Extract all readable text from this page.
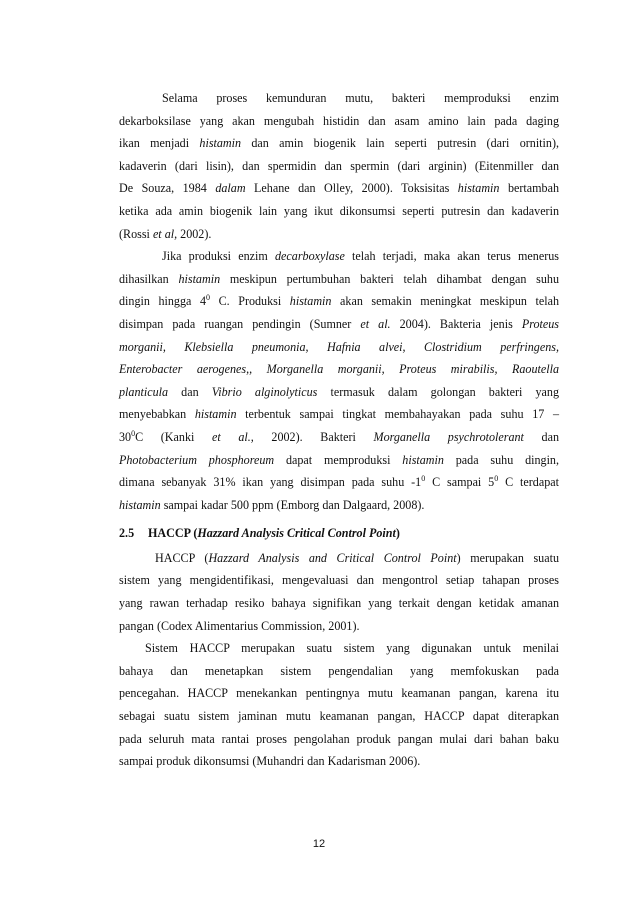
Selama proses kemunduran mutu, bakteri memproduksi enzim
dekarboksilase yang akan mengubah histidin dan asam amino lain pada daging
ikan menjadi histamin dan amin biogenik lain seperti putresin (dari ornitin),
kadaverin (dari lisin), dan spermidin dan spermin (dari arginin) (Eitenmiller dan
De Souza, 1984 dalam Lehane dan Olley, 2000). Toksisitas histamin bertambah
ketika ada amin biogenik lain yang ikut dikonsumsi seperti putresin dan kadaverin
(Rossi et al, 2002).
Jika produksi enzim decarboxylase telah terjadi, maka akan terus menerus
dihasilkan histamin meskipun pertumbuhan bakteri telah dihambat dengan suhu
dingin hingga $4^0$ C. Produksi histamin akan semakin meningkat meskipun telah
disimpan pada ruangan pendingin (Sumner et al. 2004). Bakteria jenis Proteus
morganii, Klebsiella pneumonia, Hafnia alvei, Clostridium perfringens,
Enterobacter aerogenes,, Morganella morganii, Proteus mirabilis, Raoutella
planticula dan Vibrio alginolyticus termasuk dalam golongan bakteri yang
menyebabkan histamin terbentuk sampai tingkat membahayakan pada suhu 17 –
$30^0C$ (Kanki et al., 2002). Bakteri Morganella psychrotolerant dan
Photobacterium phosphoreum dapat memproduksi histamin pada suhu dingin,
dimana sebanyak 31% ikan yang disimpan pada suhu $-1^0$ C sampai $5^0$ C terdapat
histamin sampai kadar 500 ppm (Emborg dan Dalgaard, 2008).
2.5 HACCP (Hazzard Analysis Critical Control Point)
HACCP (Hazzard Analysis and Critical Control Point) merupakan suatu
sistem yang mengidentifikasi, mengevaluasi dan mengontrol setiap tahapan proses
yang rawan terhadap resiko bahaya signifikan yang terkait dengan ketidak amanan
pangan (Codex Alimentarius Commission, 2001).
Sistem HACCP merupakan suatu sistem yang digunakan untuk menilai
bahaya dan menetapkan sistem pengendalian yang memfokuskan pada
pencegahan. HACCP menekankan pentingnya mutu keamanan pangan, karena itu
sebagai suatu sistem jaminan mutu keamanan pangan, HACCP dapat diterapkan
pada seluruh mata rantai proses pengolahan produk pangan mulai dari bahan baku
sampai produk dikonsumsi (Muhandri dan Kadarisman 2006).
12
